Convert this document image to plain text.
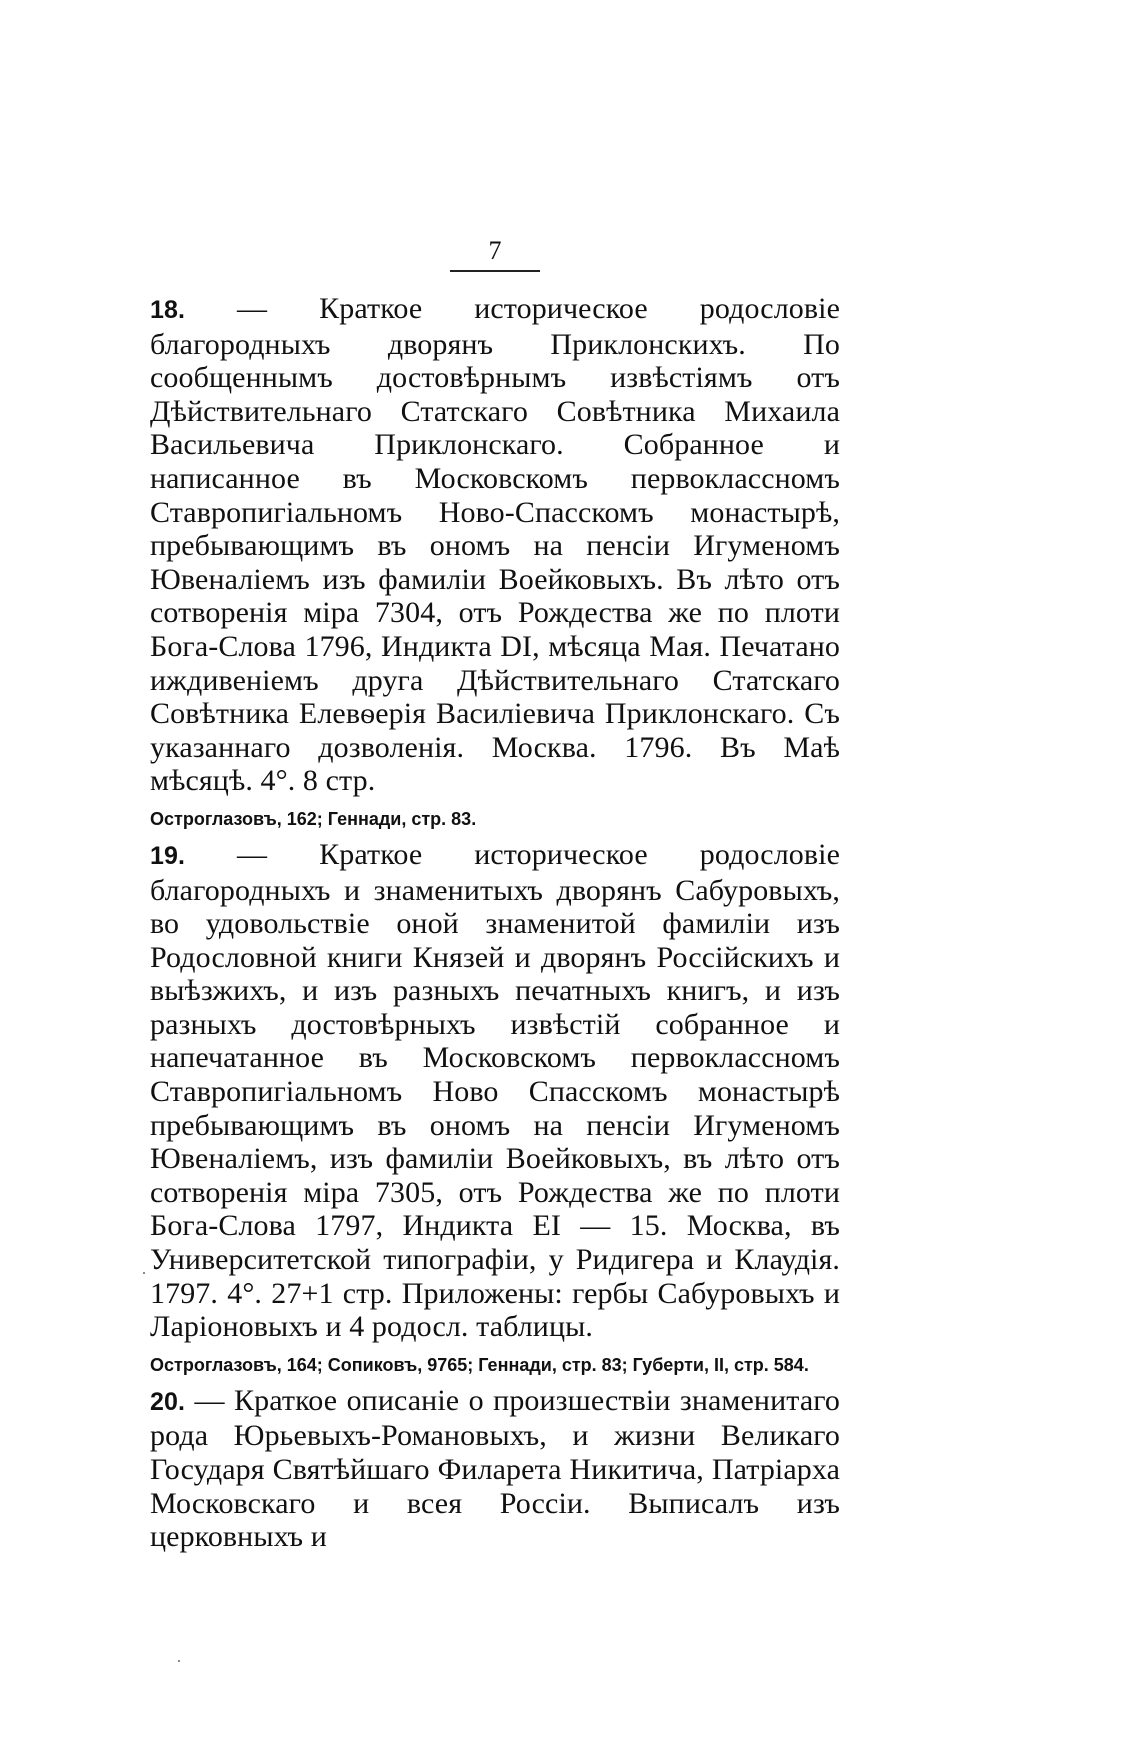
7

18. — Краткое историческое родословіе благородныхъ дворянъ Приклонскихъ. По сообщеннымъ достовѣрнымъ извѣстіямъ отъ Дѣйствительнаго Статскаго Совѣтника Михаила Васильевича Приклонскаго. Собранное и написанное въ Московскомъ первоклассномъ Ставропигіальномъ Ново-Спасскомъ монастырѣ, пребывающимъ въ ономъ на пенсіи Игуменомъ Ювеналіемъ изъ фамиліи Воейковыхъ. Въ лѣто отъ сотворенія міра 7304, отъ Рождества же по плоти Бога-Слова 1796, Индикта DI, мѣсяца Мая. Печатано иждивеніемъ друга Дѣйствительнаго Статскаго Совѣтника Елевѳерія Василіевича Приклонскаго. Съ указаннаго дозволенія. Москва. 1796. Въ Маѣ мѣсяцѣ. 4°. 8 стр.

Остроглазовъ, 162; Геннади, стр. 83.

19. — Краткое историческое родословіе благородныхъ и знаменитыхъ дворянъ Сабуровыхъ, во удовольствіе оной знаменитой фамиліи изъ Родословной книги Князей и дворянъ Россійскихъ и выѣзжихъ, и изъ разныхъ печатныхъ книгъ, и изъ разныхъ достовѣрныхъ извѣстій собранное и напечатанное въ Московскомъ первоклассномъ Ставропигіальномъ Ново Спасскомъ монастырѣ пребывающимъ въ ономъ на пенсіи Игуменомъ Ювеналіемъ, изъ фамиліи Воейковыхъ, въ лѣто отъ сотворенія міра 7305, отъ Рождества же по плоти Бога-Слова 1797, Индикта EI — 15. Москва, въ Университетской типографіи, у Ридигера и Клаудія. 1797. 4°. 27+1 стр. Приложены: гербы Сабуровыхъ и Ларіоновыхъ и 4 родосл. таблицы.

Остроглазовъ, 164; Сопиковъ, 9765; Геннади, стр. 83; Губерти, II, стр. 584.

20. — Краткое описаніе о произшествіи знаменитаго рода Юрьевыхъ-Романовыхъ, и жизни Великаго Государя Святѣйшаго Филарета Никитича, Патріарха Московскаго и всея Россіи. Выписалъ изъ церковныхъ и
